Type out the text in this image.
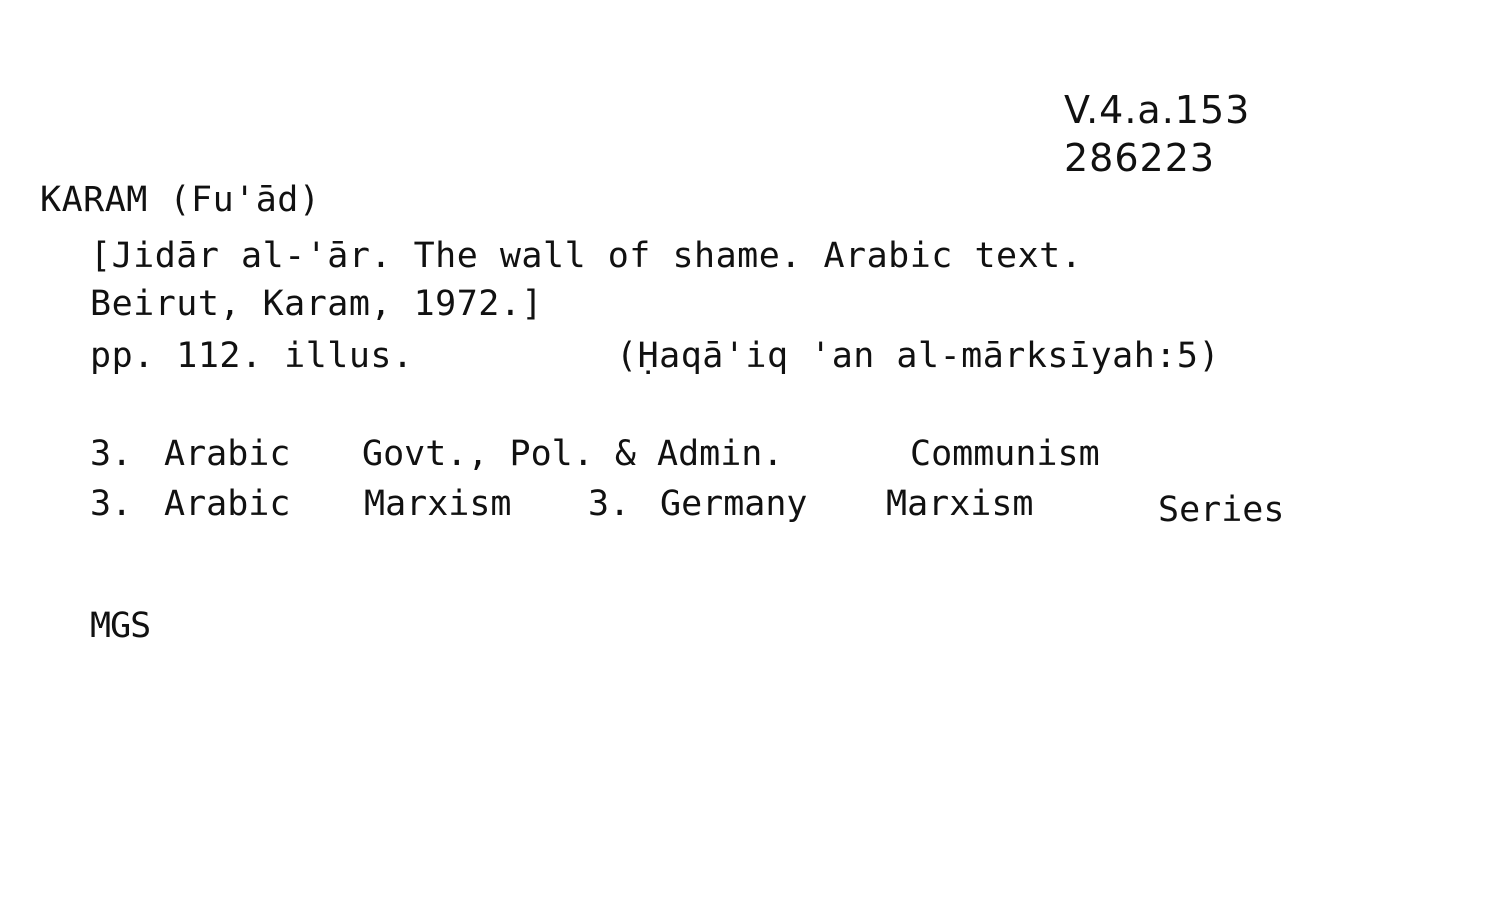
V.4.a.153
286223
KARAM (Fu'ād)
[Jidār al-'ār. The wall of shame. Arabic text.
Beirut, Karam, 1972.]
pp. 112. illus.	(Ḥaqā'iq 'an al-mārksīyah:5)
3. Arabic Govt., Pol. & Admin.	Communism
3. Arabic Marxism 3. Germany Marxism	Series
MGS
